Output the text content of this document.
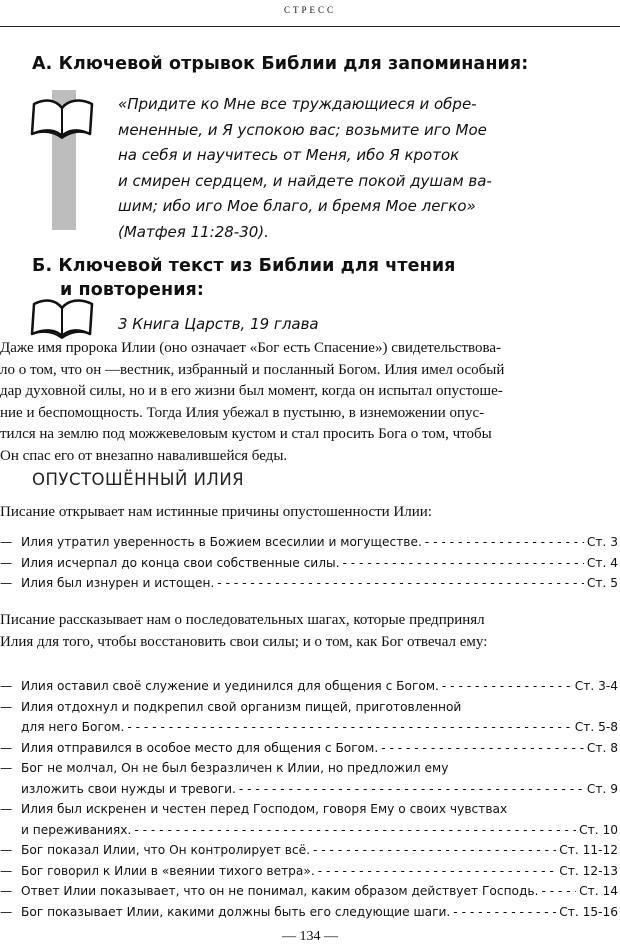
СТРЕСС
А. Ключевой отрывок Библии для запоминания:
«Придите ко Мне все труждающиеся и обре-
мененные, и Я успокою вас; возьмите иго Мое
на себя и научитесь от Меня, ибо Я кроток
и смирен сердцем, и найдете покой душам ва-
шим; ибо иго Мое благо, и бремя Мое легко»
(Матфея 11:28-30).
Б. Ключевой текст из Библии для чтения
и повторения:
3 Книга Царств, 19 глава
Даже имя пророка Илии (оно означает «Бог есть Спасение») свидетельствова-
ло о том, что он —вестник, избранный и посланный Богом. Илия имел особый
дар духовной силы, но и в его жизни был момент, когда он испытал опустоше-
ние и беспомощность. Тогда Илия убежал в пустыню, в изнеможении опус-
тился на землю под можжевеловым кустом и стал просить Бога о том, чтобы
Он спас его от внезапно навалившейся беды.
ОПУСТОШЁННЫЙ ИЛИЯ

Писание открывает нам истинные причины опустошенности Илии:

— Илия утратил уверенность в Божием всесилии и могуществе. - - -	Ст. 3
— Илия исчерпал до конца свои собственные силы. - - -	Ст. 4
— Илия был изнурен и истощен. - - -	Ст. 5

Писание рассказывает нам о последовательных шагах, которые предпринял
Илия для того, чтобы восстановить свои силы; и о том, как Бог отвечал ему:

— Илия оставил своё служение и уединился для общения с Богом. - - -	Ст. 3-4
— Илия отдохнул и подкрепил свой организм пищей, приготовленной
для него Богом. - - -	Ст. 5-8
— Илия отправился в особое место для общения с Богом. - - -	Ст. 8
— Бог не молчал, Он не был безразличен к Илии, но предложил ему
изложить свои нужды и тревоги. - - -	Ст. 9
— Илия был искренен и честен перед Господом, говоря Ему о своих чувствах
и переживаниях. - - -	Ст. 10
— Бог показал Илии, что Он контролирует всё. - - -	Ст. 11-12
— Бог говорил к Илии в «веянии тихого ветра». - - -	Ст. 12-13
— Ответ Илии показывает, что он не понимал, каким образом действует Господь. - - -	Ст. 14
— Бог показывает Илии, какими должны быть его следующие шаги. - - -	Ст. 15-16
— 134 —
